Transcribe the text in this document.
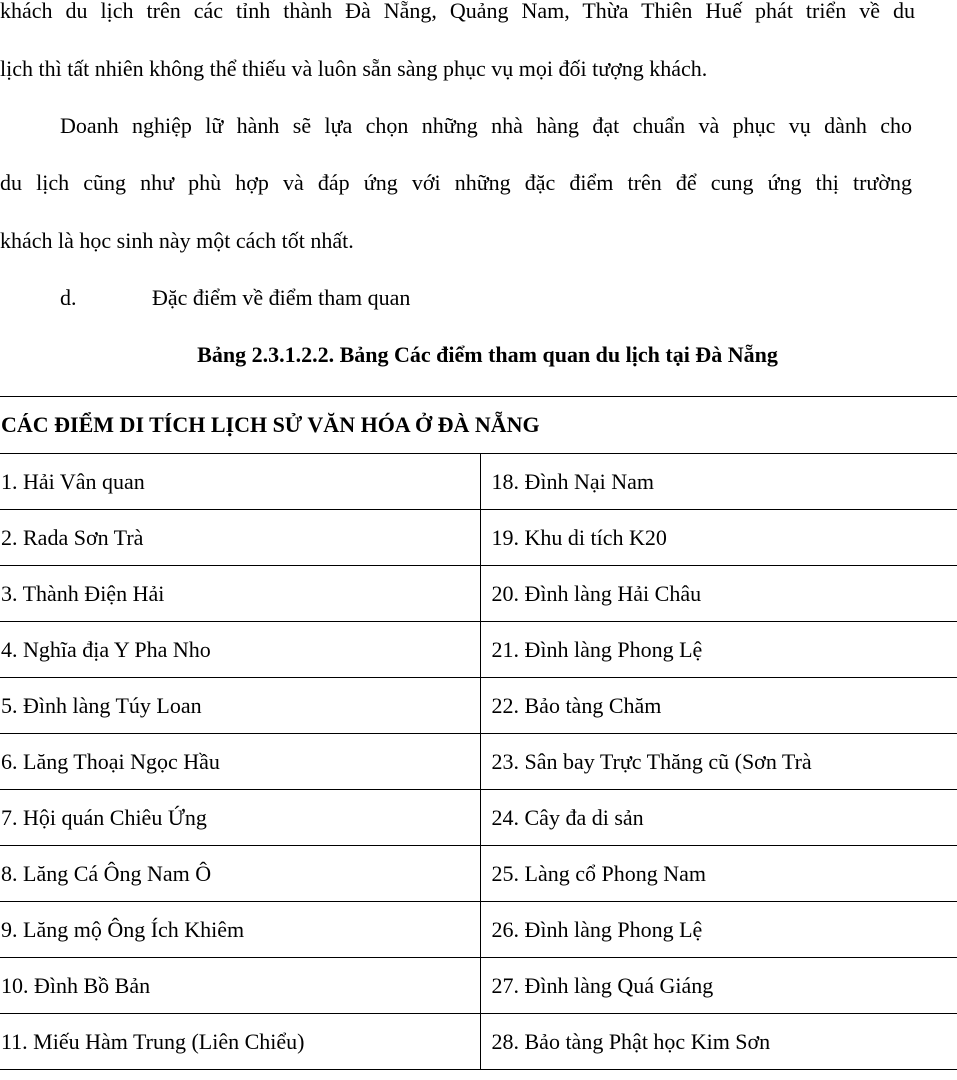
khách du lịch trên các tỉnh thành Đà Nẵng, Quảng Nam, Thừa Thiên Huế phát triển về du
lịch thì tất nhiên không thể thiếu và luôn sẵn sàng phục vụ mọi đối tượng khách.
Doanh nghiệp lữ hành sẽ lựa chọn những nhà hàng đạt chuẩn và phục vụ dành cho
du lịch cũng như phù hợp và đáp ứng với những đặc điểm trên để cung ứng thị trường
khách là học sinh này một cách tốt nhất.
d.	Đặc điểm về điểm tham quan
Bảng 2.3.1.2.2. Bảng Các điểm tham quan du lịch tại Đà Nẵng
CÁC ĐIỂM DI TÍCH LỊCH SỬ VĂN HÓA Ở ĐÀ NẴNG	
1. Hải Vân quan	18. Đình Nại Nam
2. Rada Sơn Trà	19. Khu di tích K20
3. Thành Điện Hải	20. Đình làng Hải Châu
4. Nghĩa địa Y Pha Nho	21. Đình làng Phong Lệ
5. Đình làng Túy Loan	22. Bảo tàng Chăm
6. Lăng Thoại Ngọc Hầu	23. Sân bay Trực Thăng cũ (Sơn Trà
7. Hội quán Chiêu Ứng	24. Cây đa di sản
8. Lăng Cá Ông Nam Ô	25. Làng cổ Phong Nam
9. Lăng mộ Ông Ích Khiêm	26. Đình làng Phong Lệ
10. Đình Bồ Bản	27. Đình làng Quá Giáng
11. Miếu Hàm Trung (Liên Chiểu)	28. Bảo tàng Phật học Kim Sơn
